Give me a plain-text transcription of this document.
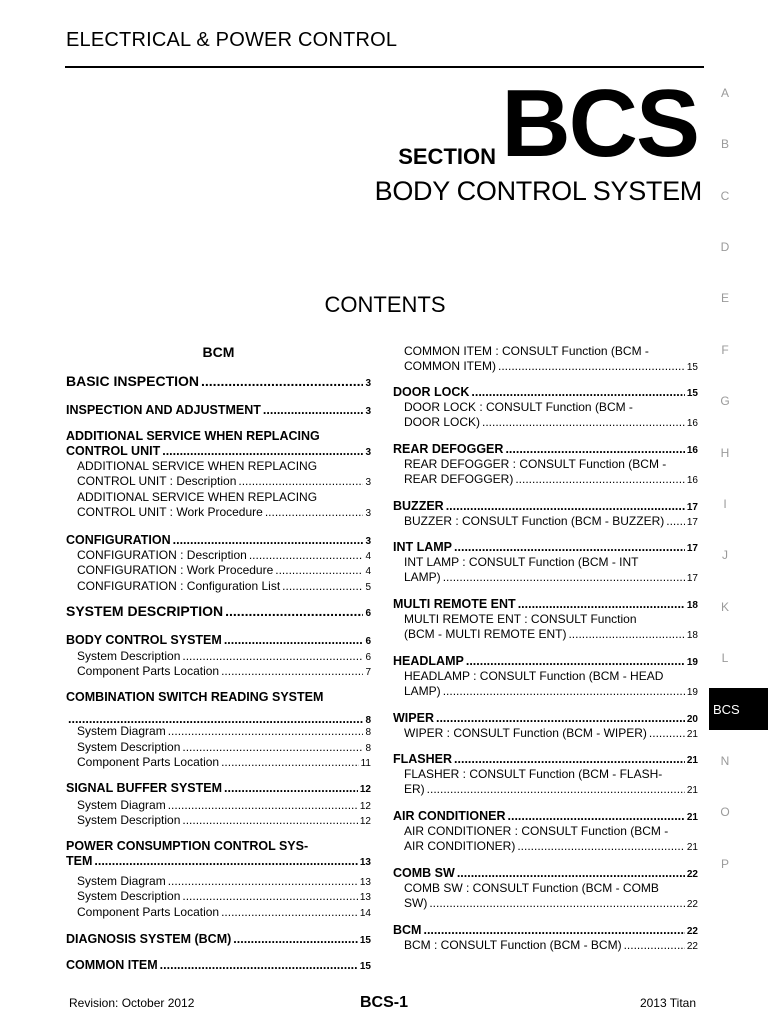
ELECTRICAL & POWER CONTROL
SECTION BCS
BODY CONTROL SYSTEM
CONTENTS
A
B
C
D
E
F
G
H
I
J
K
L
BCS
N
O
P
BCM
BASIC INSPECTION .....	3
INSPECTION AND ADJUSTMENT .....	3
ADDITIONAL SERVICE WHEN REPLACING
CONTROL UNIT .....	3
ADDITIONAL SERVICE WHEN REPLACING
CONTROL UNIT : Description .....	3
ADDITIONAL SERVICE WHEN REPLACING
CONTROL UNIT : Work Procedure .....	3
CONFIGURATION .....	3
CONFIGURATION : Description .....	4
CONFIGURATION : Work Procedure .....	4
CONFIGURATION : Configuration List .....	5
SYSTEM DESCRIPTION .....	6
BODY CONTROL SYSTEM .....	6
System Description .....	6
Component Parts Location .....	7
COMBINATION SWITCH READING SYSTEM
.....
8
System Diagram .....	8
System Description .....	8
Component Parts Location .....	11
SIGNAL BUFFER SYSTEM .....	12
System Diagram .....	12
System Description .....	12
POWER CONSUMPTION CONTROL SYS-
TEM .....	13
System Diagram .....	13
System Description .....	13
Component Parts Location .....	14
DIAGNOSIS SYSTEM (BCM) .....	15
COMMON ITEM .....	15
COMMON ITEM : CONSULT Function (BCM -
COMMON ITEM) .....	15
DOOR LOCK .....	15
DOOR LOCK : CONSULT Function (BCM -
DOOR LOCK) .....	16
REAR DEFOGGER .....	16
REAR DEFOGGER : CONSULT Function (BCM -
REAR DEFOGGER) .....	16
BUZZER .....	17
BUZZER : CONSULT Function (BCM - BUZZER) ..... 17
INT LAMP .....	17
INT LAMP : CONSULT Function (BCM - INT
LAMP) .....	17
MULTI REMOTE ENT .....	18
MULTI REMOTE ENT : CONSULT Function
(BCM - MULTI REMOTE ENT) .....	18
HEADLAMP .....	19
HEADLAMP : CONSULT Function (BCM - HEAD
LAMP) .....	19
WIPER .....	20
WIPER : CONSULT Function (BCM - WIPER) .....	21
FLASHER .....	21
FLASHER : CONSULT Function (BCM - FLASH-
ER) .....	21
AIR CONDITIONER .....	21
AIR CONDITIONER : CONSULT Function (BCM -
AIR CONDITIONER) .....	21
COMB SW .....	22
COMB SW : CONSULT Function (BCM - COMB
SW) .....	22
BCM .....	22
BCM : CONSULT Function (BCM - BCM) .....	22
Revision: October 2012	BCS-1	2013 Titan
